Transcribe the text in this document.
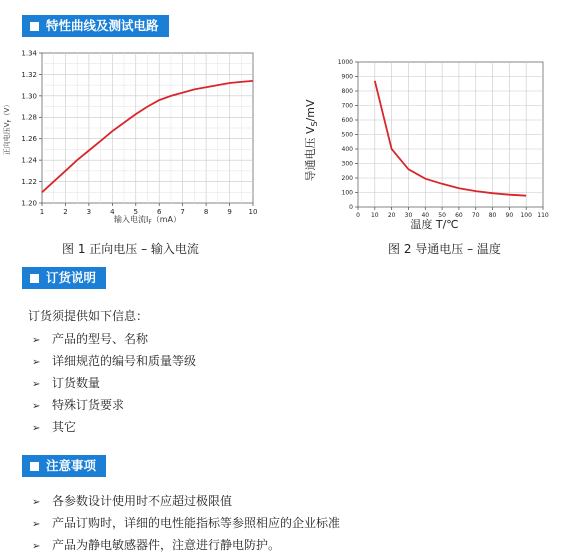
特性曲线及测试电路
1	2	3	4	5	6	7	8	9 10
1.20
1.22
1.24
1.26
1.28
1.30
1.32
1.34
输入电流$I_F(mA)$
正向电压$V_F(V)$
图 1 正向电压 – 输入电流
0 10 20 30 40 50 60 70 80 90 100 110
0
100
200
300
400
500
600
700
800
900
1000
温度 T/℃
导通电压 $V_S/mV$
图 2 导通电压 – 温度
订货说明
订货须提供如下信息：
➢ 产品的型号、名称
➢ 详细规范的编号和质量等级
➢ 订货数量
➢ 特殊订货要求
➢ 其它
注意事项
➢ 各参数设计使用时不应超过极限值
➢ 产品订购时，详细的电性能指标等参照相应的企业标准
➢ 产品为静电敏感器件，注意进行静电防护。
